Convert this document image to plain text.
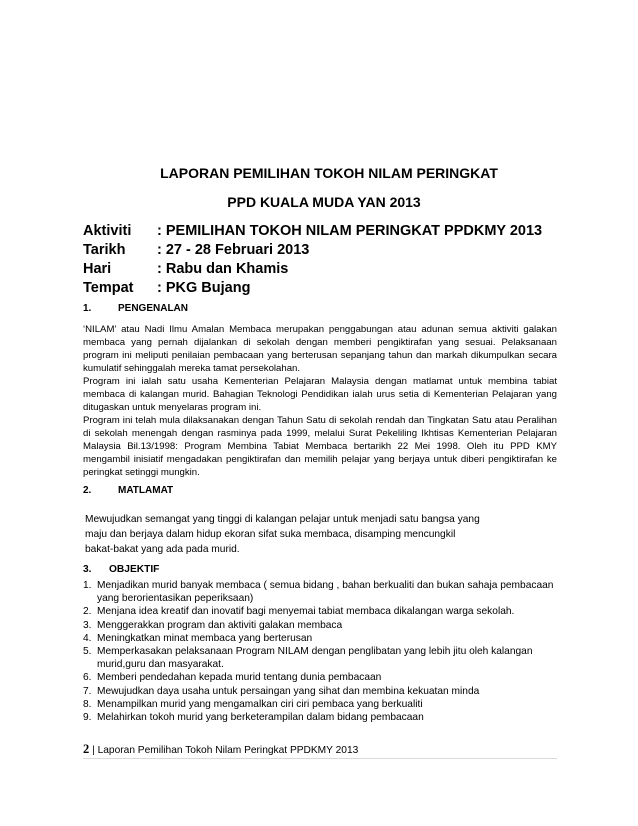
LAPORAN PEMILIHAN TOKOH NILAM PERINGKAT
PPD KUALA MUDA YAN 2013
Aktiviti : PEMILIHAN TOKOH NILAM PERINGKAT PPDKMY 2013
Tarikh : 27 - 28 Februari 2013
Hari	: Rabu dan Khamis
Tempat : PKG Bujang
1.	PENGENALAN

‘NILAM’ atau Nadi Ilmu Amalan Membaca merupakan penggabungan atau adunan semua aktiviti galakan membaca yang pernah dijalankan di sekolah dengan memberi pengiktirafan yang sesuai. Pelaksanaan program ini meliputi penilaian pembacaan yang berterusan sepanjang tahun dan markah dikumpulkan secara kumulatif sehinggalah mereka tamat persekolahan.

Program ini ialah satu usaha Kementerian Pelajaran Malaysia dengan matlamat untuk membina tabiat membaca di kalangan murid. Bahagian Teknologi Pendidikan ialah urus setia di Kementerian Pelajaran yang ditugaskan untuk menyelaras program ini.

Program ini telah mula dilaksanakan dengan Tahun Satu di sekolah rendah dan Tingkatan Satu atau Peralihan di sekolah menengah dengan rasminya pada 1999, melalui Surat Pekeliling Ikhtisas Kementerian Pelajaran Malaysia Bil.13/1998: Program Membina Tabiat Membaca bertarikh 22 Mei 1998. Oleh itu PPD KMY mengambil inisiatif mengadakan pengiktirafan dan memilih pelajar yang berjaya untuk diberi pengiktirafan ke peringkat setinggi mungkin.

2.	MATLAMAT
Mewujudkan semangat yang tinggi di kalangan pelajar untuk menjadi satu bangsa yang
maju dan berjaya dalam hidup ekoran sifat suka membaca, disamping mencungkil
bakat-bakat yang ada pada murid.
3. OBJEKTIF
1. Menjadikan murid banyak membaca ( semua bidang , bahan berkualiti dan bukan sahaja pembacaan yang berorientasikan peperiksaan)
2. Menjana idea kreatif dan inovatif bagi menyemai tabiat membaca dikalangan warga sekolah.
3. Menggerakkan program dan aktiviti galakan membaca
4. Meningkatkan minat membaca yang berterusan
5. Memperkasakan pelaksanaan Program NILAM dengan penglibatan yang lebih jitu oleh kalangan murid,guru dan masyarakat.
6. Memberi pendedahan kepada murid tentang dunia pembacaan
7. Mewujudkan daya usaha untuk persaingan yang sihat dan membina kekuatan minda
8. Menampilkan murid yang mengamalkan ciri ciri pembaca yang berkualiti
9. Melahirkan tokoh murid yang berketerampilan dalam bidang pembacaan
2 | Laporan Pemilihan Tokoh Nilam Peringkat PPDKMY 2013
